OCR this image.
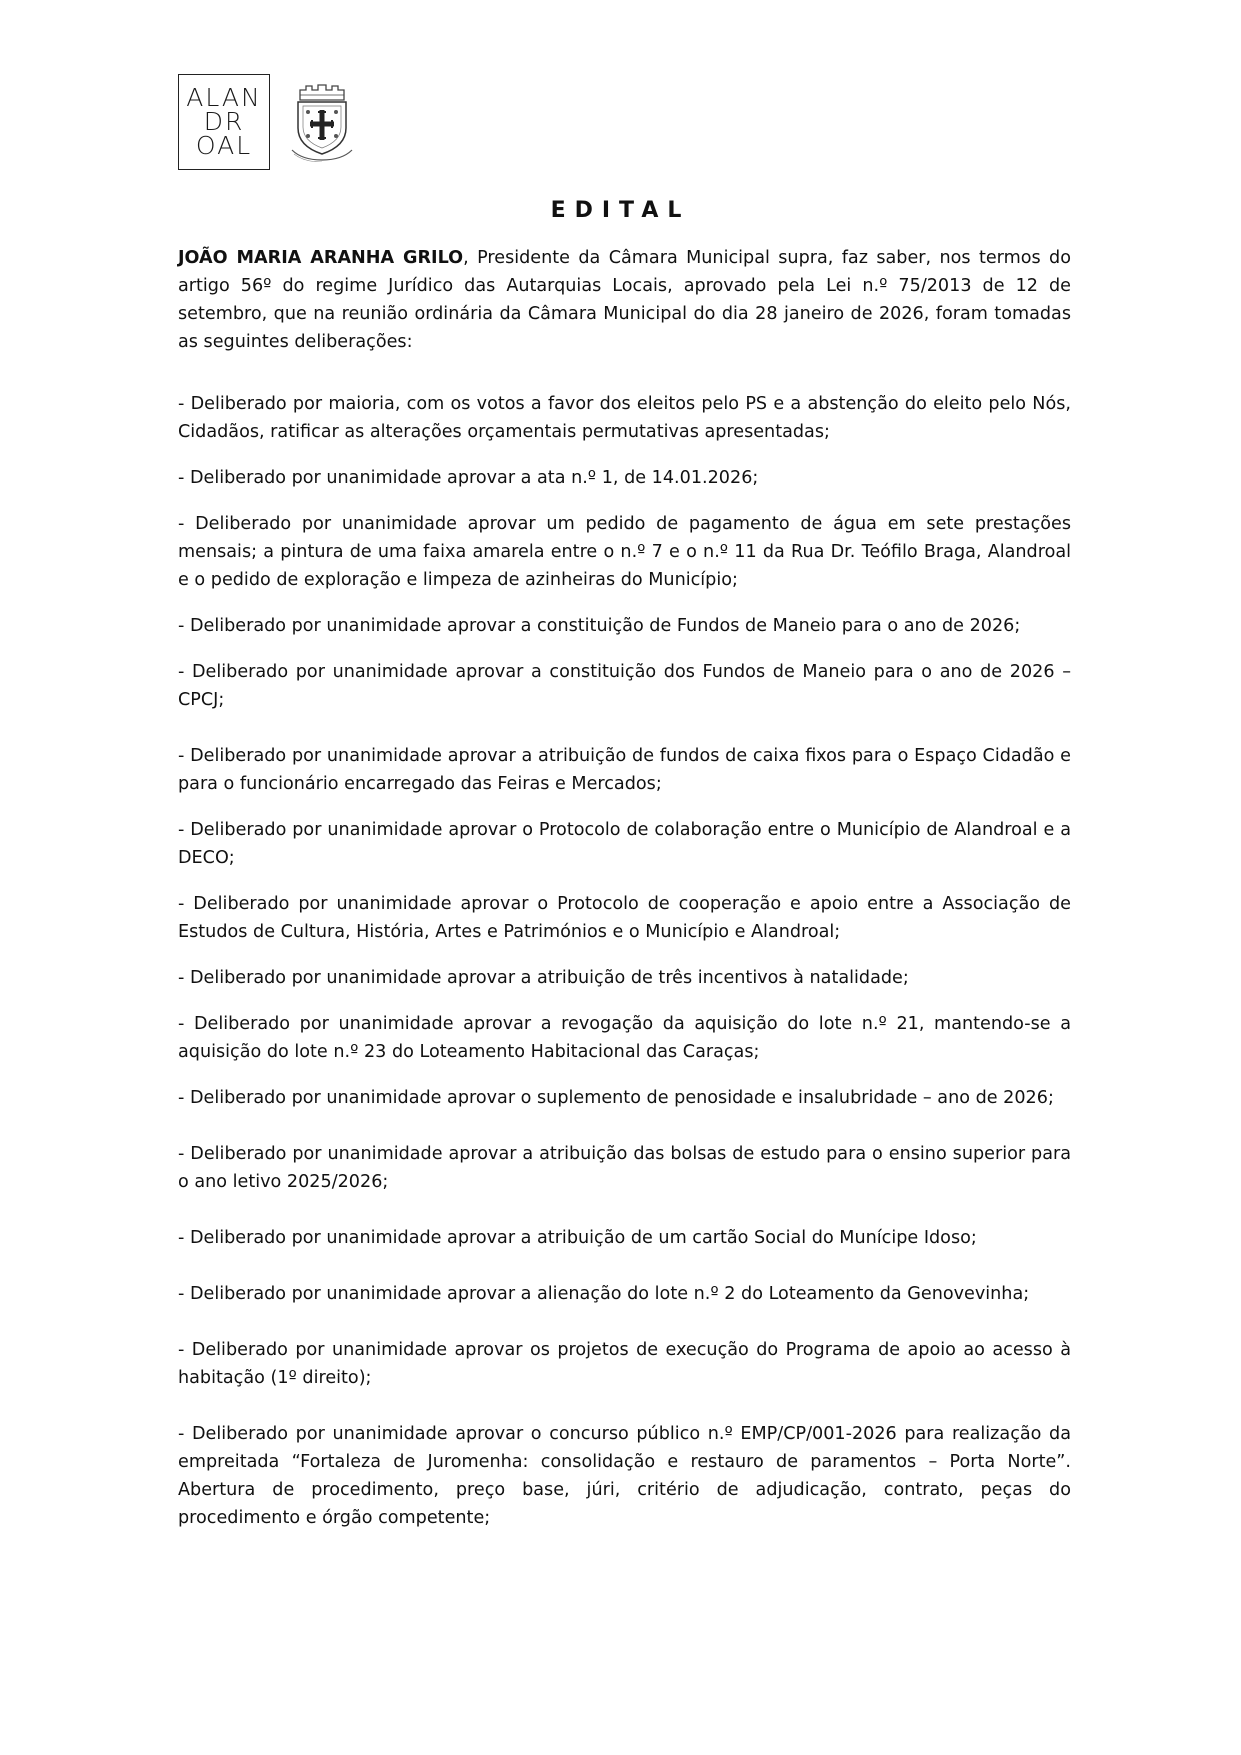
ALAN
DR
OAL
EDITAL

JOÃO MARIA ARANHA GRILO, Presidente da Câmara Municipal supra, faz saber, nos termos do artigo 56º do regime Jurídico das Autarquias Locais, aprovado pela Lei n.º 75/2013 de 12 de setembro, que na reunião ordinária da Câmara Municipal do dia 28 janeiro de 2026, foram tomadas as seguintes deliberações:

- Deliberado por maioria, com os votos a favor dos eleitos pelo PS e a abstenção do eleito pelo Nós, Cidadãos, ratificar as alterações orçamentais permutativas apresentadas;

- Deliberado por unanimidade aprovar a ata n.º 1, de 14.01.2026;

- Deliberado por unanimidade aprovar um pedido de pagamento de água em sete prestações mensais; a pintura de uma faixa amarela entre o n.º 7 e o n.º 11 da Rua Dr. Teófilo Braga, Alandroal e o pedido de exploração e limpeza de azinheiras do Município;

- Deliberado por unanimidade aprovar a constituição de Fundos de Maneio para o ano de 2026;

- Deliberado por unanimidade aprovar a constituição dos Fundos de Maneio para o ano de 2026 – CPCJ;

- Deliberado por unanimidade aprovar a atribuição de fundos de caixa fixos para o Espaço Cidadão e para o funcionário encarregado das Feiras e Mercados;

- Deliberado por unanimidade aprovar o Protocolo de colaboração entre o Município de Alandroal e a DECO;

- Deliberado por unanimidade aprovar o Protocolo de cooperação e apoio entre a Associação de Estudos de Cultura, História, Artes e Patrimónios e o Município e Alandroal;

- Deliberado por unanimidade aprovar a atribuição de três incentivos à natalidade;

- Deliberado por unanimidade aprovar a revogação da aquisição do lote n.º 21, mantendo-se a aquisição do lote n.º 23 do Loteamento Habitacional das Caraças;

- Deliberado por unanimidade aprovar o suplemento de penosidade e insalubridade – ano de 2026;

- Deliberado por unanimidade aprovar a atribuição das bolsas de estudo para o ensino superior para o ano letivo 2025/2026;

- Deliberado por unanimidade aprovar a atribuição de um cartão Social do Munícipe Idoso;

- Deliberado por unanimidade aprovar a alienação do lote n.º 2 do Loteamento da Genovevinha;

- Deliberado por unanimidade aprovar os projetos de execução do Programa de apoio ao acesso à habitação (1º direito);

- Deliberado por unanimidade aprovar o concurso público n.º EMP/CP/001-2026 para realização da empreitada “Fortaleza de Juromenha: consolidação e restauro de paramentos – Porta Norte”. Abertura de procedimento, preço base, júri, critério de adjudicação, contrato, peças do procedimento e órgão competente;
